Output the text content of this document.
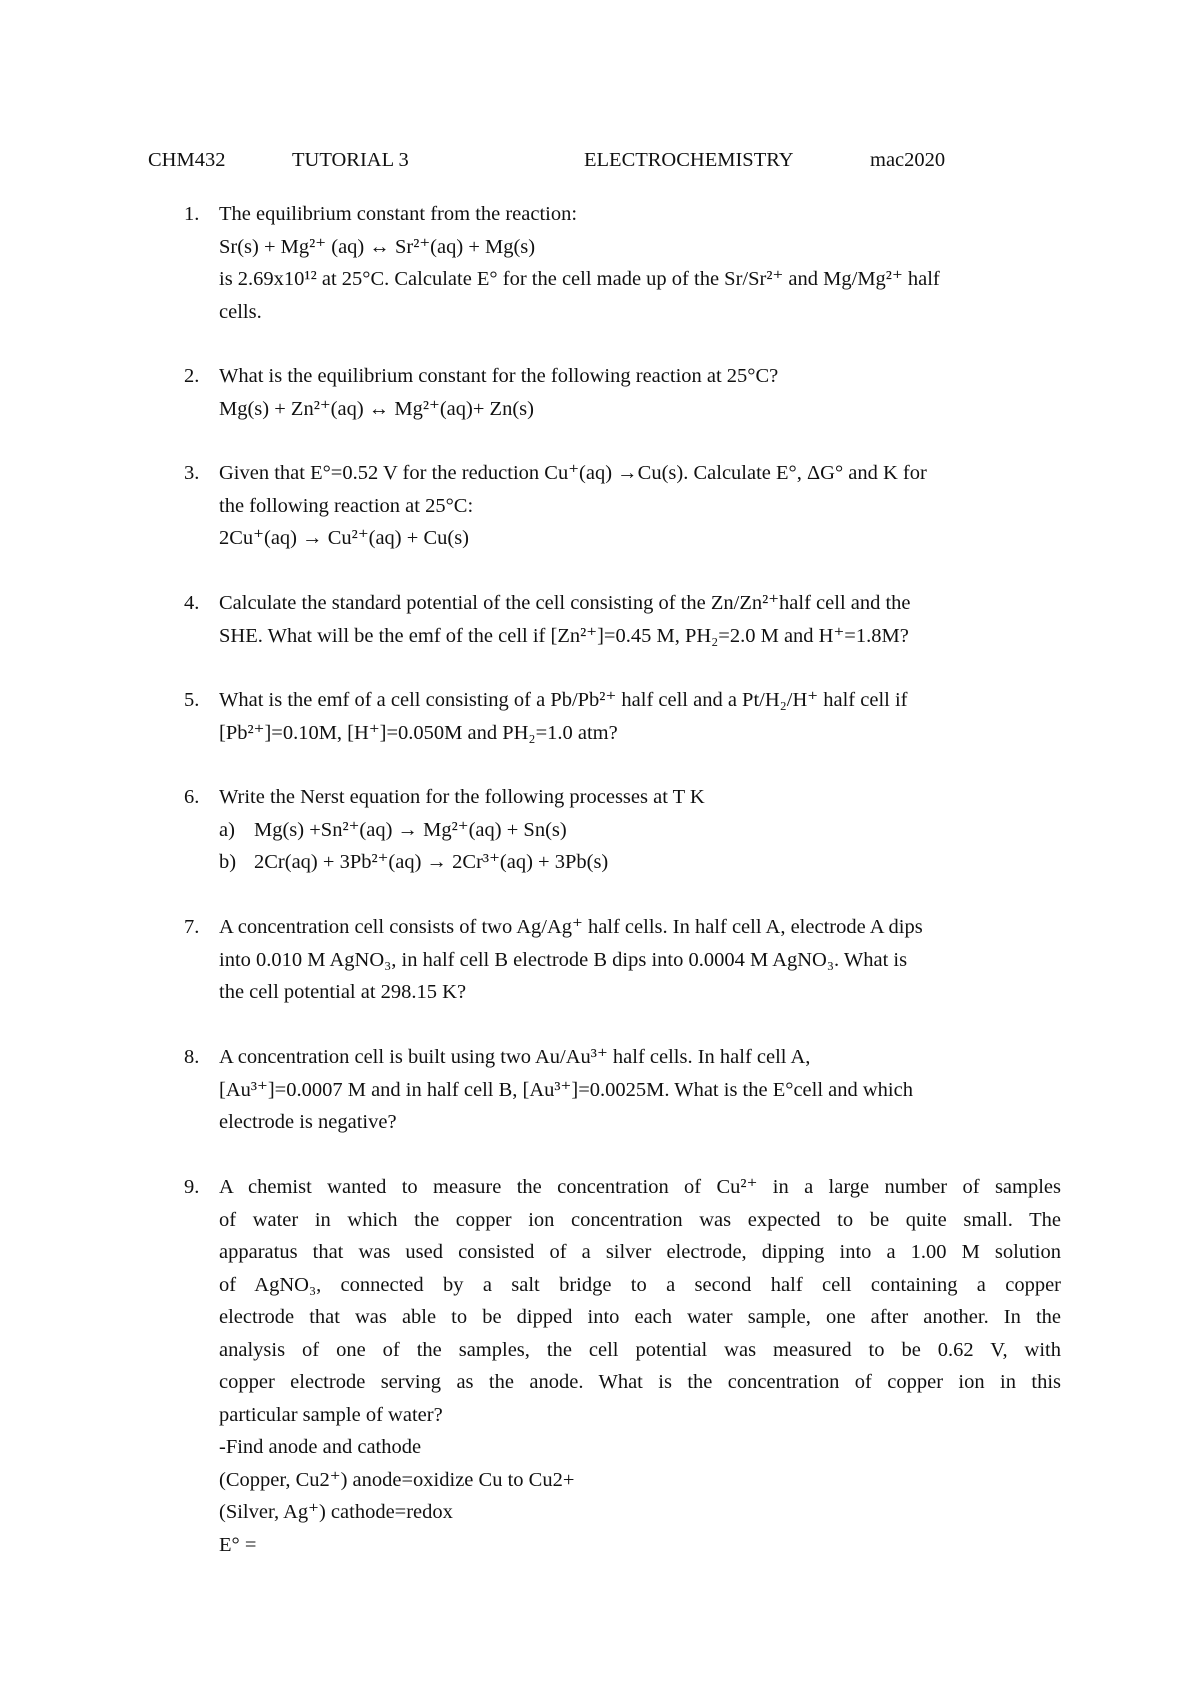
CHM432	TUTORIAL 3	ELECTROCHEMISTRY	mac2020
1. The equilibrium constant from the reaction:
Sr(s) + Mg²⁺ (aq) ↔ Sr²⁺(aq) + Mg(s)
is 2.69x10¹² at 25°C. Calculate E° for the cell made up of the Sr/Sr²⁺ and Mg/Mg²⁺ half
cells.
2. What is the equilibrium constant for the following reaction at 25°C?
Mg(s) + Zn²⁺(aq) ↔ Mg²⁺(aq)+ Zn(s)
3. Given that E°=0.52 V for the reduction Cu⁺(aq) →Cu(s). Calculate E°, ΔG° and K for
the following reaction at 25°C:
2Cu⁺(aq) → Cu²⁺(aq) + Cu(s)
4. Calculate the standard potential of the cell consisting of the Zn/Zn²⁺half cell and the
SHE. What will be the emf of the cell if [Zn²⁺]=0.45 M, PH₂=2.0 M and H⁺=1.8M?
5. What is the emf of a cell consisting of a Pb/Pb²⁺ half cell and a Pt/H₂/H⁺ half cell if
[Pb²⁺]=0.10M, [H⁺]=0.050M and PH₂=1.0 atm?
6. Write the Nerst equation for the following processes at T K
a) Mg(s) +Sn²⁺(aq) → Mg²⁺(aq) + Sn(s)
b) 2Cr(aq) + 3Pb²⁺(aq) → 2Cr³⁺(aq) + 3Pb(s)
7. A concentration cell consists of two Ag/Ag⁺ half cells. In half cell A, electrode A dips
into 0.010 M AgNO₃, in half cell B electrode B dips into 0.0004 M AgNO₃. What is
the cell potential at 298.15 K?
8. A concentration cell is built using two Au/Au³⁺ half cells. In half cell A,
[Au³⁺]=0.0007 M and in half cell B, [Au³⁺]=0.0025M. What is the E°cell and which
electrode is negative?
9. A chemist wanted to measure the concentration of Cu²⁺ in a large number of samples
of water in which the copper ion concentration was expected to be quite small. The
apparatus that was used consisted of a silver electrode, dipping into a 1.00 M solution
of AgNO₃, connected by a salt bridge to a second half cell containing a copper
electrode that was able to be dipped into each water sample, one after another. In the
analysis of one of the samples, the cell potential was measured to be 0.62 V, with
copper electrode serving as the anode. What is the concentration of copper ion in this
particular sample of water?
-Find anode and cathode
(Copper, Cu2⁺) anode=oxidize Cu to Cu2+
(Silver, Ag⁺) cathode=redox
E° =
